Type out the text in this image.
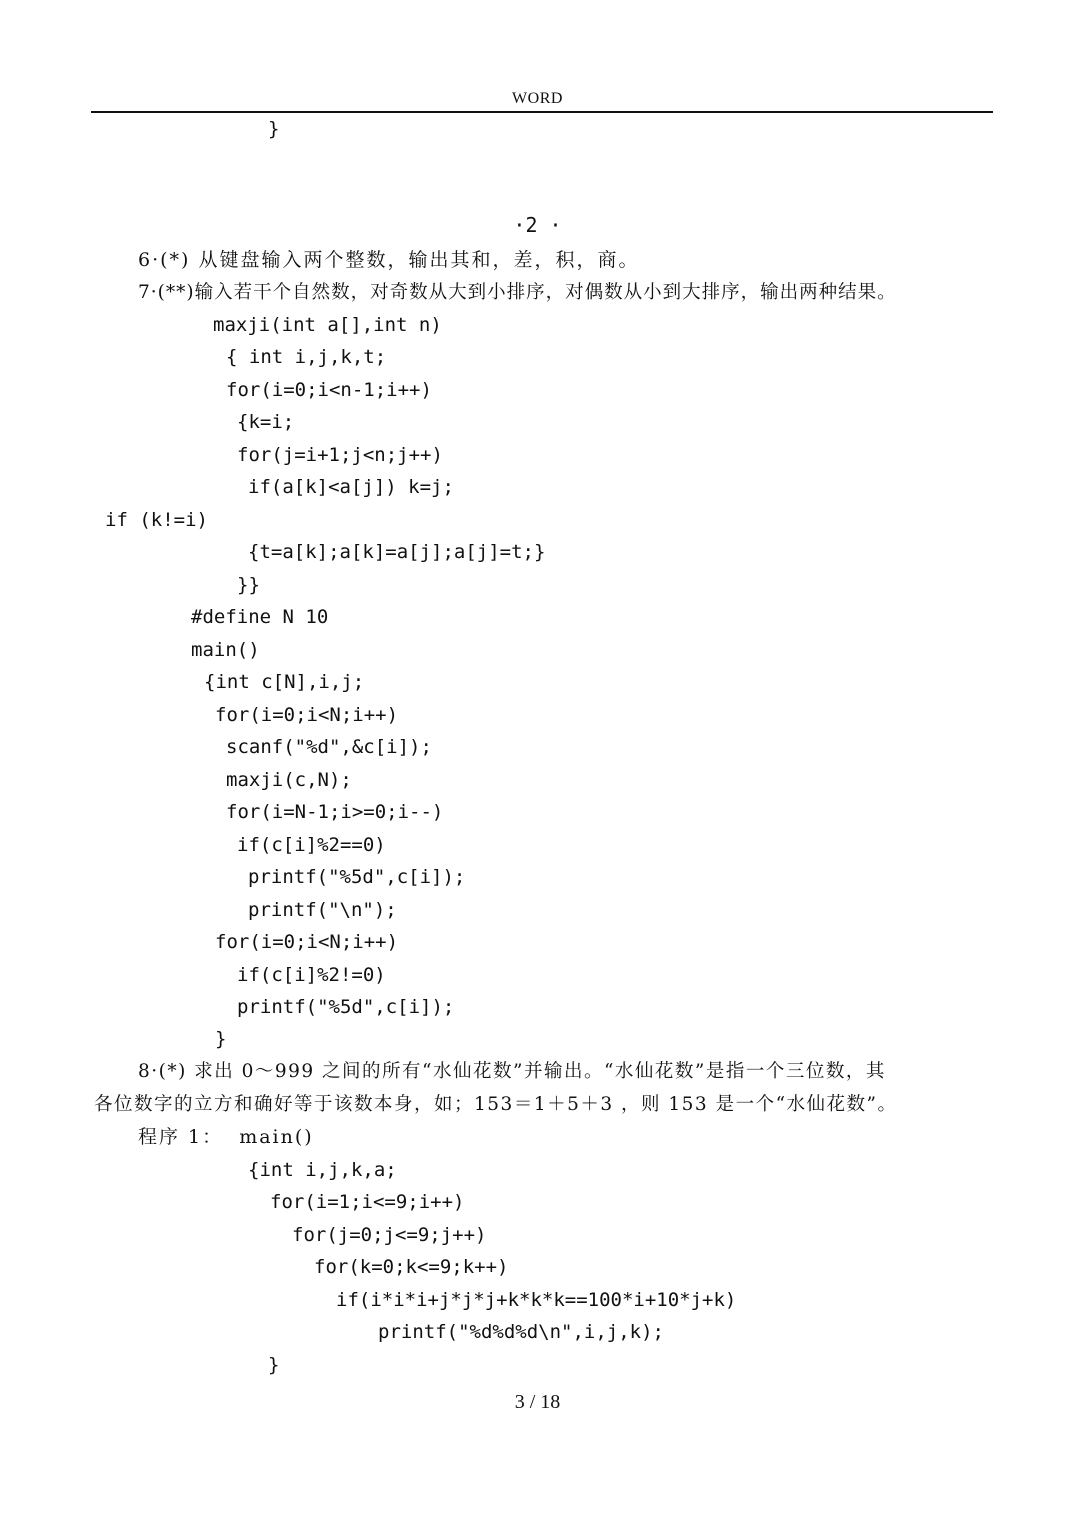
WORD
}
·2 ·
6·(*) 从键盘输入两个整数，输出其和，差，积，商。
7·(**)输入若干个自然数，对奇数从大到小排序，对偶数从小到大排序，输出两种结果。
maxji(int a[],int n)
{ int i,j,k,t;
for(i=0;i<n-1;i++)
{k=i;
for(j=i+1;j<n;j++)
if(a[k]<a[j]) k=j;
if (k!=i)
{t=a[k];a[k]=a[j];a[j]=t;}
}}
#define N 10
main()
{int c[N],i,j;
for(i=0;i<N;i++)
scanf("%d",&c[i]);
maxji(c,N);
for(i=N-1;i>=0;i--)
if(c[i]%2==0)
printf("%5d",c[i]);
printf("\n");
for(i=0;i<N;i++)
if(c[i]%2!=0)
printf("%5d",c[i]);
}
8·(*) 求出 0～999 之间的所有“水仙花数”并输出。“水仙花数”是指一个三位数，其
各位数字的立方和确好等于该数本身，如；153＝1＋5＋3 ，则 153 是一个“水仙花数”。
程序 1：  main()
{int i,j,k,a;
for(i=1;i<=9;i++)
for(j=0;j<=9;j++)
for(k=0;k<=9;k++)
if(i*i*i+j*j*j+k*k*k==100*i+10*j+k)
printf("%d%d%d\n",i,j,k);
}
3 / 18
